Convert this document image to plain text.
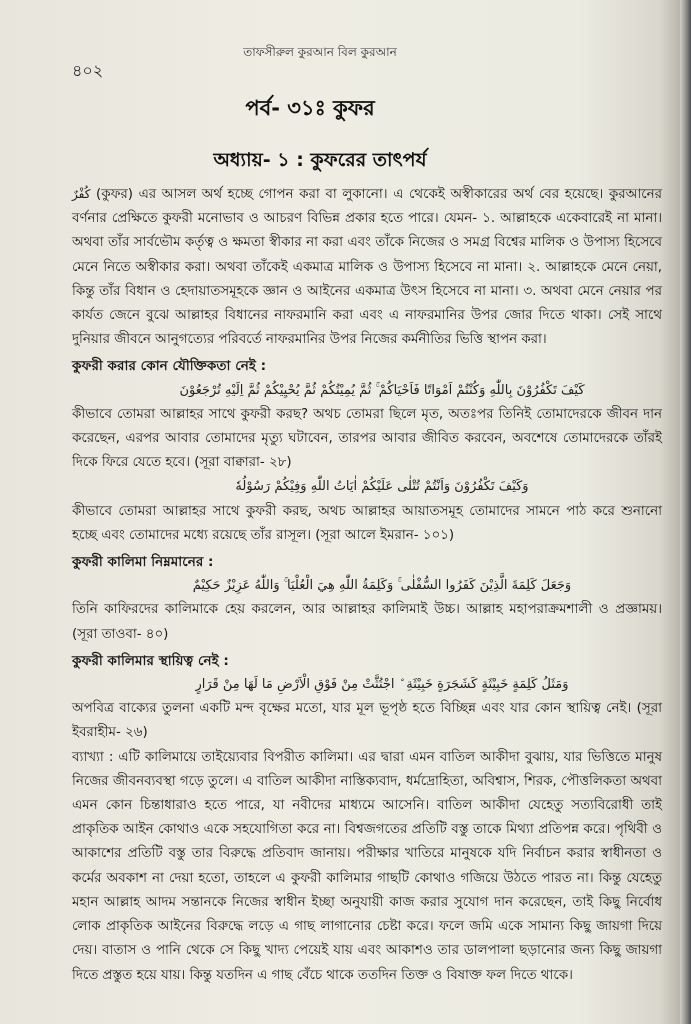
তাফসীরুল কুরআন বিল কুরআন
৪০২
পর্ব- ৩১ঃ কুফর
অধ্যায়- ১ : কুফরের তাৎপর্য

كُفْرٌ (কুফর) এর আসল অর্থ হচ্ছে গোপন করা বা লুকানো। এ থেকেই অস্বীকারের অর্থ বের হয়েছে। কুরআনের বর্ণনার প্রেক্ষিতে কুফরী মনোভাব ও আচরণ বিভিন্ন প্রকার হতে পারে। যেমন- ১. আল্লাহকে একেবারেই না মানা। অথবা তাঁর সার্বভৌম কর্তৃত্ব ও ক্ষমতা স্বীকার না করা এবং তাঁকে নিজের ও সমগ্র বিশ্বের মালিক ও উপাস্য হিসেবে মেনে নিতে অস্বীকার করা। অথবা তাঁকেই একমাত্র মালিক ও উপাস্য হিসেবে না মানা। ২. আল্লাহকে মেনে নেয়া, কিন্তু তাঁর বিধান ও হেদায়াতসমূহকে জ্ঞান ও আইনের একমাত্র উৎস হিসেবে না মানা। ৩. অথবা মেনে নেয়ার পর কার্যত জেনে বুঝে আল্লাহর বিধানের নাফরমানি করা এবং এ নাফরমানির উপর জোর দিতে থাকা। সেই সাথে দুনিয়ার জীবনে আনুগত্যের পরিবর্তে নাফরমানির উপর নিজের কর্মনীতির ভিত্তি স্থাপন করা।

কুফরী করার কোন যৌক্তিকতা নেই :
كَيْفَ تَكْفُرُوْنَ بِاللّٰهِ وَكُنْتُمْ اَمْوَاتًا فَاَحْيَاكُمْ ۚ ثُمَّ يُمِيْتُكُمْ ثُمَّ يُحْيِيْكُمْ ثُمَّ اِلَيْهِ تُرْجَعُوْنَ

কীভাবে তোমরা আল্লাহর সাথে কুফরী করছ? অথচ তোমরা ছিলে মৃত, অতঃপর তিনিই তোমাদেরকে জীবন দান করেছেন, এরপর আবার তোমাদের মৃত্যু ঘটাবেন, তারপর আবার জীবিত করবেন, অবশেষে তোমাদেরকে তাঁরই দিকে ফিরে যেতে হবে। (সূরা বাক্বারা- ২৮)

وَكَيْفَ تَكْفُرُوْنَ وَاَنْتُمْ تُتْلٰى عَلَيْكُمْ اٰيَاتُ اللّٰهِ وَفِيْكُمْ رَسُوْلُهٗ

কীভাবে তোমরা আল্লাহর সাথে কুফরী করছ, অথচ আল্লাহর আয়াতসমূহ তোমাদের সামনে পাঠ করে শুনানো হচ্ছে এবং তোমাদের মধ্যে রয়েছে তাঁর রাসূল। (সূরা আলে ইমরান- ১০১)

কুফরী কালিমা নিম্নমানের :
وَجَعَلَ كَلِمَةَ الَّذِيْنَ كَفَرُوا السُّفْلٰى ۚ وَكَلِمَةُ اللّٰهِ هِيَ الْعُلْيَا ۚ وَاللّٰهُ عَزِيْزٌ حَكِيْمٌ

তিনি কাফিরদের কালিমাকে হেয় করলেন, আর আল্লাহর কালিমাই উচ্চ। আল্লাহ মহাপরাক্রমশালী ও প্রজ্ঞাময়। (সূরা তাওবা- ৪০)

কুফরী কালিমার স্থায়িত্ব নেই :
وَمَثَلُ كَلِمَةٍ خَبِيْثَةٍ كَشَجَرَةٍ خَبِيْثَةِ ۨ اجْتُثَّتْ مِنْ فَوْقِ الْاَرْضِ مَا لَهَا مِنْ قَرَارٍ

অপবিত্র বাক্যের তুলনা একটি মন্দ বৃক্ষের মতো, যার মূল ভূপৃষ্ঠ হতে বিচ্ছিন্ন এবং যার কোন স্থায়িত্ব নেই। (সূরা ইবরাহীম- ২৬)

ব্যাখ্যা : এটি কালিমায়ে তাইয়্যেবার বিপরীত কালিমা। এর দ্বারা এমন বাতিল আকীদা বুঝায়, যার ভিত্তিতে মানুষ নিজের জীবনব্যবস্থা গড়ে তুলে। এ বাতিল আকীদা নাস্তিক্যবাদ, ধর্মদ্রোহিতা, অবিশ্বাস, শিরক, পৌত্তলিকতা অথবা এমন কোন চিন্তাধারাও হতে পারে, যা নবীদের মাধ্যমে আসেনি। বাতিল আকীদা যেহেতু সত্যবিরোধী তাই প্রাকৃতিক আইন কোথাও একে সহযোগিতা করে না। বিশ্বজগতের প্রতিটি বস্তু তাকে মিথ্যা প্রতিপন্ন করে। পৃথিবী ও আকাশের প্রতিটি বস্তু তার বিরুদ্ধে প্রতিবাদ জানায়। পরীক্ষার খাতিরে মানুষকে যদি নির্বাচন করার স্বাধীনতা ও কর্মের অবকাশ না দেয়া হতো, তাহলে এ কুফরী কালিমার গাছটি কোথাও গজিয়ে উঠতে পারত না। কিন্তু যেহেতু মহান আল্লাহ আদম সন্তানকে নিজের স্বাধীন ইচ্ছা অনুযায়ী কাজ করার সুযোগ দান করেছেন, তাই কিছু নির্বোধ লোক প্রাকৃতিক আইনের বিরুদ্ধে লড়ে এ গাছ লাগানোর চেষ্টা করে। ফলে জমি একে সামান্য কিছু জায়গা দিয়ে দেয়। বাতাস ও পানি থেকে সে কিছু খাদ্য পেয়েই যায় এবং আকাশও তার ডালপালা ছড়ানোর জন্য কিছু জায়গা দিতে প্রস্তুত হয়ে যায়। কিন্তু যতদিন এ গাছ বেঁচে থাকে ততদিন তিক্ত ও বিষাক্ত ফল দিতে থাকে।
